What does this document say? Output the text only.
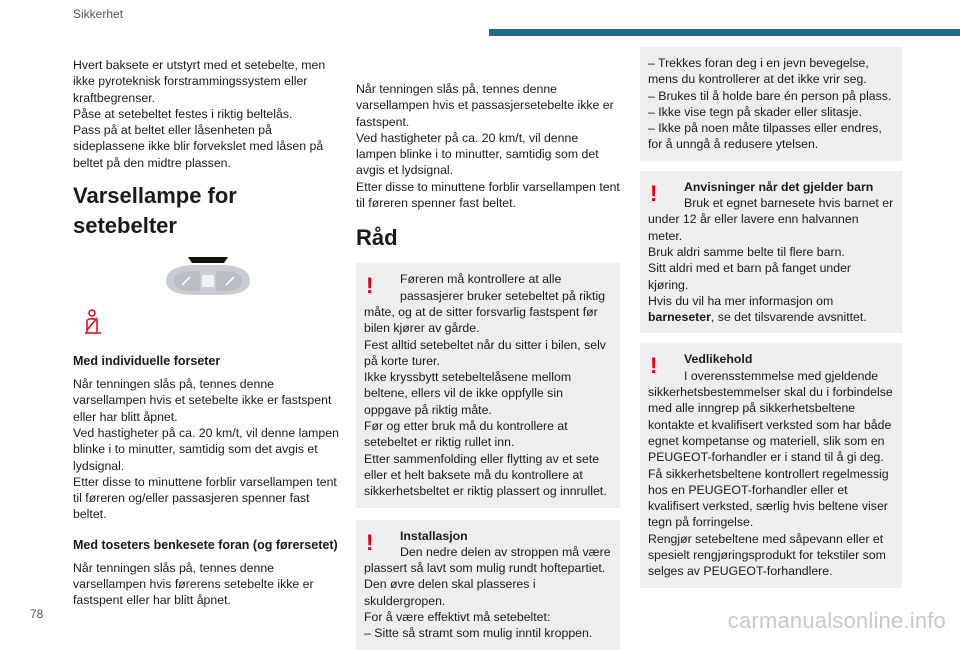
Sikkerhet

Hvert baksete er utstyrt med et setebelte, men ikke pyroteknisk forstrammingssystem eller kraftbegrenser.

Påse at setebeltet festes i riktig beltelås.

Pass på at beltet eller låsenheten på sideplassene ikke blir forvekslet med låsen på beltet på den midtre plassen.

Varsellampe for setebelter
Med individuelle forseter

Når tenningen slås på, tennes denne varsellampen hvis et setebelte ikke er fastspent eller har blitt åpnet.

Ved hastigheter på ca. 20 km/t, vil denne lampen blinke i to minutter, samtidig som det avgis et lydsignal.

Etter disse to minuttene forblir varsellampen tent til føreren og/eller passasjeren spenner fast beltet.

Med toseters benkesete foran (og førersetet)

Når tenningen slås på, tennes denne varsellampen hvis førerens setebelte ikke er fastspent eller har blitt åpnet.

Når tenningen slås på, tennes denne varsellampen hvis et passasjersetebelte ikke er fastspent.

Ved hastigheter på ca. 20 km/t, vil denne lampen blinke i to minutter, samtidig som det avgis et lydsignal.

Etter disse to minuttene forblir varsellampen tent til føreren spenner fast beltet.

Råd
!	Føreren må kontrollere at alle passasjerer bruker setebeltet på riktig

måte, og at de sitter forsvarlig fastspent før bilen kjører av gårde.

Fest alltid setebeltet når du sitter i bilen, selv på korte turer.

Ikke kryssbytt setebeltelåsene mellom beltene, ellers vil de ikke oppfylle sin oppgave på riktig måte.

Før og etter bruk må du kontrollere at setebeltet er riktig rullet inn.

Etter sammenfolding eller flytting av et sete eller et helt baksete må du kontrollere at sikkerhetsbeltet er riktig plassert og innrullet.

!	Installasjon

Den nedre delen av stroppen må være

plassert så lavt som mulig rundt hoftepartiet.

Den øvre delen skal plasseres i skuldergropen.

For å være effektivt må setebeltet:

– Sitte så stramt som mulig inntil kroppen.

– Trekkes foran deg i en jevn bevegelse, mens du kontrollerer at det ikke vrir seg.

– Brukes til å holde bare én person på plass.

– Ikke vise tegn på skader eller slitasje.

– Ikke på noen måte tilpasses eller endres, for å unngå å redusere ytelsen.

!	Anvisninger når det gjelder barn

Bruk et egnet barnesete hvis barnet er

under 12 år eller lavere enn halvannen meter.

Bruk aldri samme belte til flere barn.

Sitt aldri med et barn på fanget under kjøring.

Hvis du vil ha mer informasjon om

barneseter, se det tilsvarende avsnittet.

!	Vedlikehold

I overensstemmelse med gjeldende

sikkerhetsbestemmelser skal du i forbindelse med alle inngrep på sikkerhetsbeltene kontakte et kvalifisert verksted som har både egnet kompetanse og materiell, slik som en PEUGEOT-forhandler er i stand til å gi deg.

Få sikkerhetsbeltene kontrollert regelmessig hos en PEUGEOT-forhandler eller et kvalifisert verksted, særlig hvis beltene viser tegn på forringelse.

Rengjør setebeltene med såpevann eller et spesielt rengjøringsprodukt for tekstiler som selges av PEUGEOT-forhandlere.

78	carmanualsonline.info
